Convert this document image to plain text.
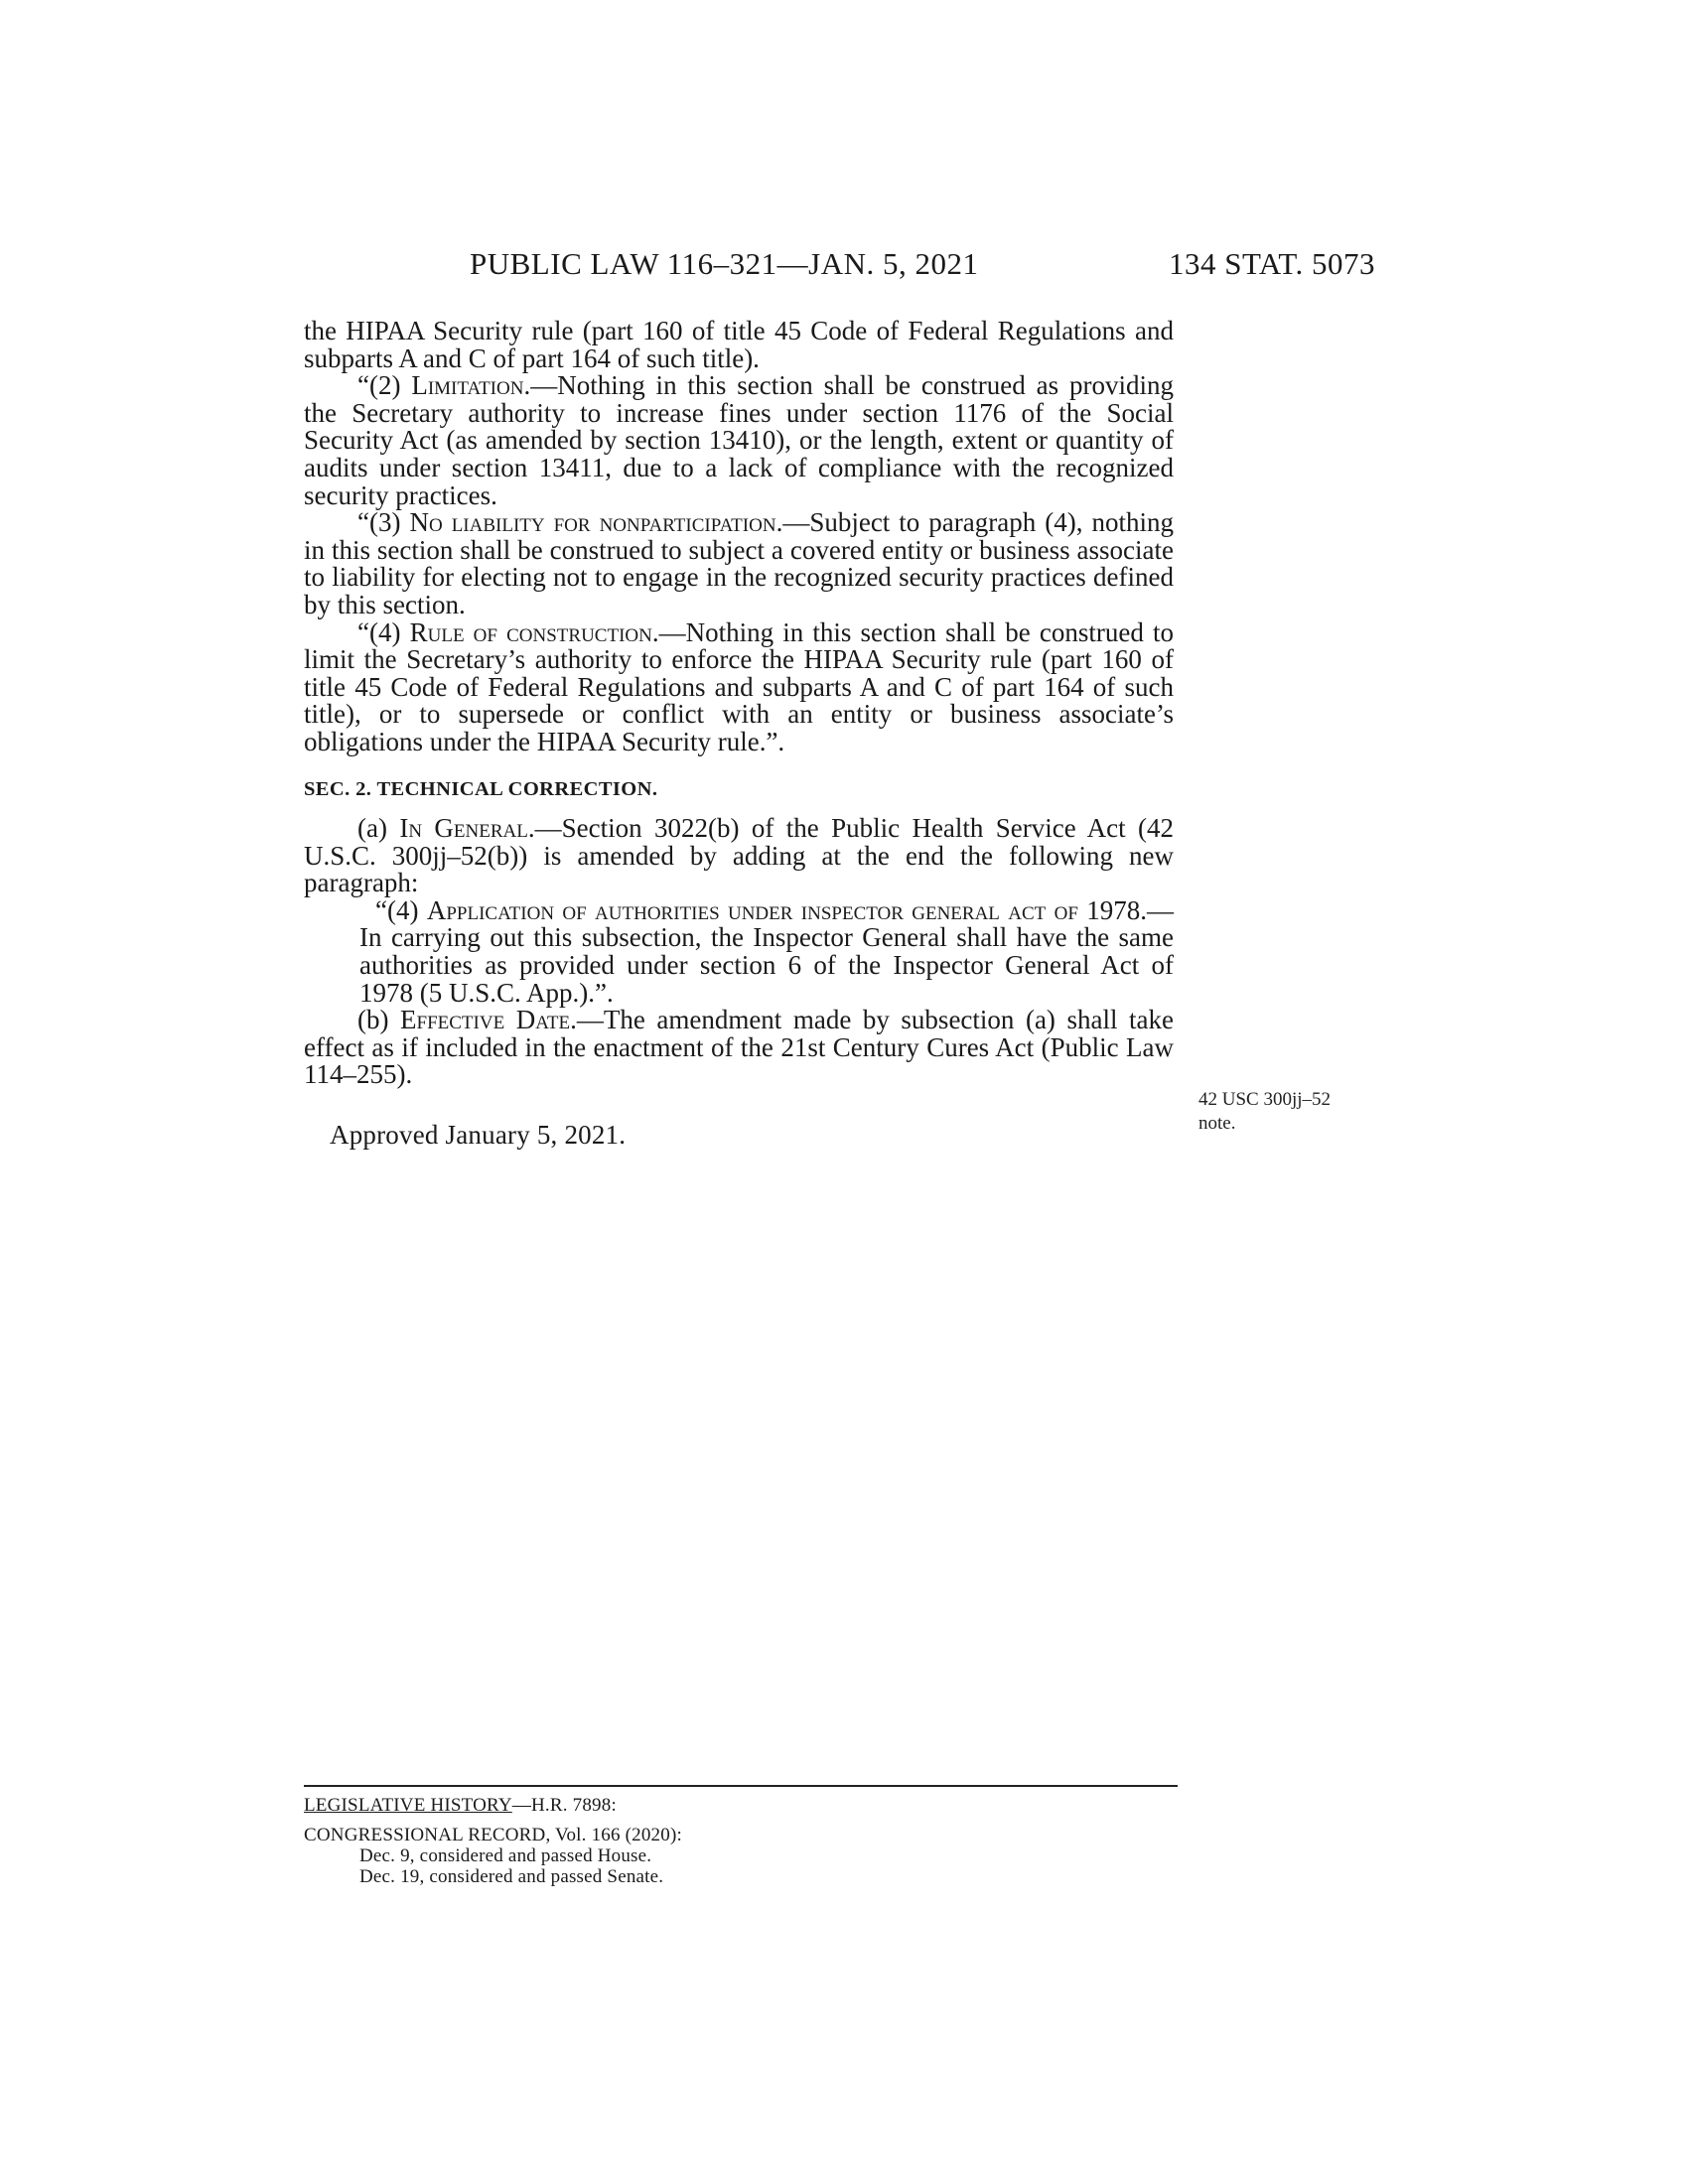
PUBLIC LAW 116–321—JAN. 5, 2021	134 STAT. 5073

the HIPAA Security rule (part 160 of title 45 Code of Federal Regulations and subparts A and C of part 164 of such title).

“(2) Limitation.—Nothing in this section shall be construed as providing the Secretary authority to increase fines under section 1176 of the Social Security Act (as amended by section 13410), or the length, extent or quantity of audits under section 13411, due to a lack of compliance with the recognized security practices.

“(3) No liability for nonparticipation.—Subject to paragraph (4), nothing in this section shall be construed to subject a covered entity or business associate to liability for electing not to engage in the recognized security practices defined by this section.

“(4) Rule of construction.—Nothing in this section shall be construed to limit the Secretary’s authority to enforce the HIPAA Security rule (part 160 of title 45 Code of Federal Regulations and subparts A and C of part 164 of such title), or to supersede or conflict with an entity or business associate’s obligations under the HIPAA Security rule.”.

SEC. 2. TECHNICAL CORRECTION.

(a) In General.—Section 3022(b) of the Public Health Service Act (42 U.S.C. 300jj–52(b)) is amended by adding at the end the following new paragraph:

“(4) Application of authorities under inspector general act of 1978.—In carrying out this subsection, the Inspector General shall have the same authorities as provided under section 6 of the Inspector General Act of 1978 (5 U.S.C. App.).”.

(b) Effective Date.—The amendment made by subsection (a) shall take effect as if included in the enactment of the 21st Century Cures Act (Public Law 114–255).

Approved January 5, 2021.

42 USC 300jj–52
note.
LEGISLATIVE HISTORY—H.R. 7898:
CONGRESSIONAL RECORD, Vol. 166 (2020):
Dec. 9, considered and passed House.
Dec. 19, considered and passed Senate.
